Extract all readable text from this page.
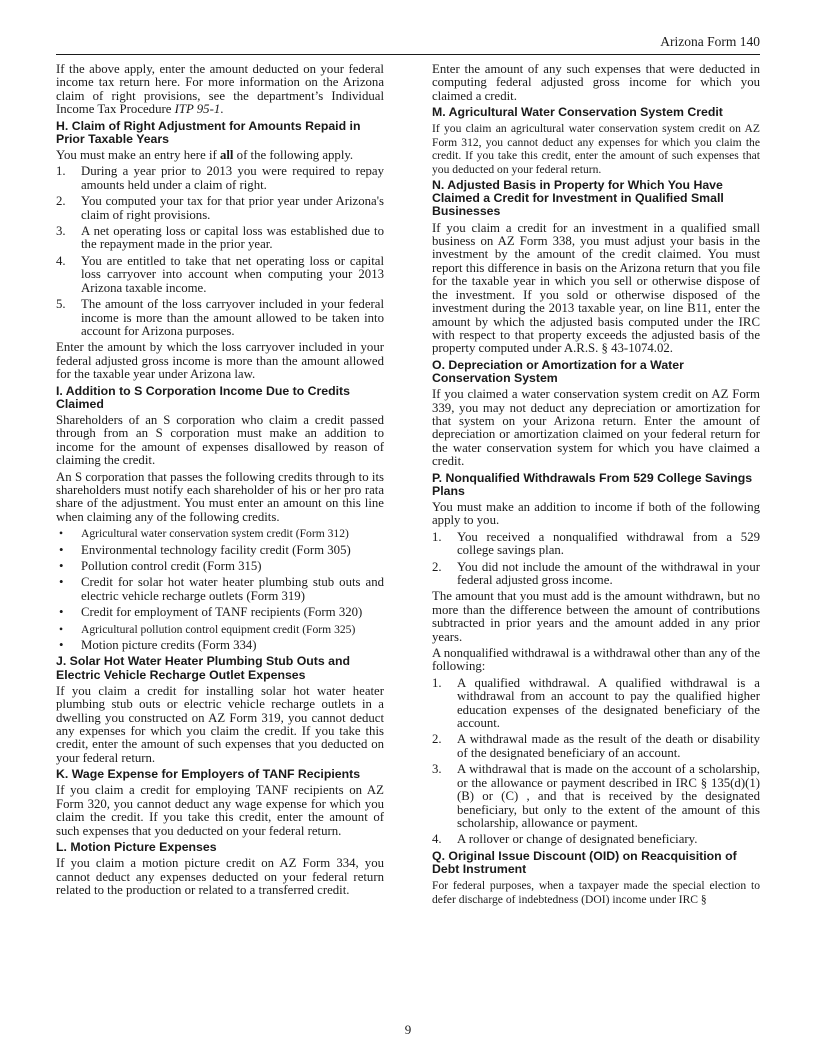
Arizona Form 140

If the above apply, enter the amount deducted on your federal income tax return here. For more information on the Arizona claim of right provisions, see the department’s Individual Income Tax Procedure ITP 95-1.

H. Claim of Right Adjustment for Amounts Repaid in Prior Taxable Years

You must make an entry here if all of the following apply.

1. During a year prior to 2013 you were required to repay amounts held under a claim of right.
2. You computed your tax for that prior year under Arizona's claim of right provisions.
3. A net operating loss or capital loss was established due to the repayment made in the prior year.
4. You are entitled to take that net operating loss or capital loss carryover into account when computing your 2013 Arizona taxable income.
5. The amount of the loss carryover included in your federal income is more than the amount allowed to be taken into account for Arizona purposes.

Enter the amount by which the loss carryover included in your federal adjusted gross income is more than the amount allowed for the taxable year under Arizona law.

I. Addition to S Corporation Income Due to Credits Claimed

Shareholders of an S corporation who claim a credit passed through from an S corporation must make an addition to income for the amount of expenses disallowed by reason of claiming the credit.

An S corporation that passes the following credits through to its shareholders must notify each shareholder of his or her pro rata share of the adjustment. You must enter an amount on this line when claiming any of the following credits.

• Agricultural water conservation system credit (Form 312)
• Environmental technology facility credit (Form 305)
• Pollution control credit (Form 315)
• Credit for solar hot water heater plumbing stub outs and electric vehicle recharge outlets (Form 319)
• Credit for employment of TANF recipients (Form 320)
• Agricultural pollution control equipment credit (Form 325)
• Motion picture credits (Form 334)
J. Solar Hot Water Heater Plumbing Stub Outs and Electric Vehicle Recharge Outlet Expenses

If you claim a credit for installing solar hot water heater plumbing stub outs or electric vehicle recharge outlets in a dwelling you constructed on AZ Form 319, you cannot deduct any expenses for which you claim the credit. If you take this credit, enter the amount of such expenses that you deducted on your federal return.

K. Wage Expense for Employers of TANF Recipients

If you claim a credit for employing TANF recipients on AZ Form 320, you cannot deduct any wage expense for which you claim the credit. If you take this credit, enter the amount of such expenses that you deducted on your federal return.

L. Motion Picture Expenses

If you claim a motion picture credit on AZ Form 334, you cannot deduct any expenses deducted on your federal return related to the production or related to a transferred credit.

Enter the amount of any such expenses that were deducted in computing federal adjusted gross income for which you claimed a credit.

M. Agricultural Water Conservation System Credit

If you claim an agricultural water conservation system credit on AZ Form 312, you cannot deduct any expenses for which you claim the credit. If you take this credit, enter the amount of such expenses that you deducted on your federal return.

N. Adjusted Basis in Property for Which You Have Claimed a Credit for Investment in Qualified Small Businesses

If you claim a credit for an investment in a qualified small business on AZ Form 338, you must adjust your basis in the investment by the amount of the credit claimed. You must report this difference in basis on the Arizona return that you file for the taxable year in which you sell or otherwise dispose of the investment. If you sold or otherwise disposed of the investment during the 2013 taxable year, on line B11, enter the amount by which the adjusted basis computed under the IRC with respect to that property exceeds the adjusted basis of the property computed under A.R.S. § 43-1074.02.

O. Depreciation or Amortization for a Water Conservation System

If you claimed a water conservation system credit on AZ Form 339, you may not deduct any depreciation or amortization for that system on your Arizona return. Enter the amount of depreciation or amortization claimed on your federal return for the water conservation system for which you have claimed a credit.

P. Nonqualified Withdrawals From 529 College Savings Plans

You must make an addition to income if both of the following apply to you.

1. You received a nonqualified withdrawal from a 529 college savings plan.
2. You did not include the amount of the withdrawal in your federal adjusted gross income.

The amount that you must add is the amount withdrawn, but no more than the difference between the amount of contributions subtracted in prior years and the amount added in any prior years.

A nonqualified withdrawal is a withdrawal other than any of the following:

1. A qualified withdrawal. A qualified withdrawal is a withdrawal from an account to pay the qualified higher education expenses of the designated beneficiary of the account.
2. A withdrawal made as the result of the death or disability of the designated beneficiary of an account.
3. A withdrawal that is made on the account of a scholarship, or the allowance or payment described in IRC § 135(d)(1)(B) or (C) , and that is received by the designated beneficiary, but only to the extent of the amount of this scholarship, allowance or payment.
4. A rollover or change of designated beneficiary.
Q. Original Issue Discount (OID) on Reacquisition of Debt Instrument

For federal purposes, when a taxpayer made the special election to defer discharge of indebtedness (DOI) income under IRC §

9
